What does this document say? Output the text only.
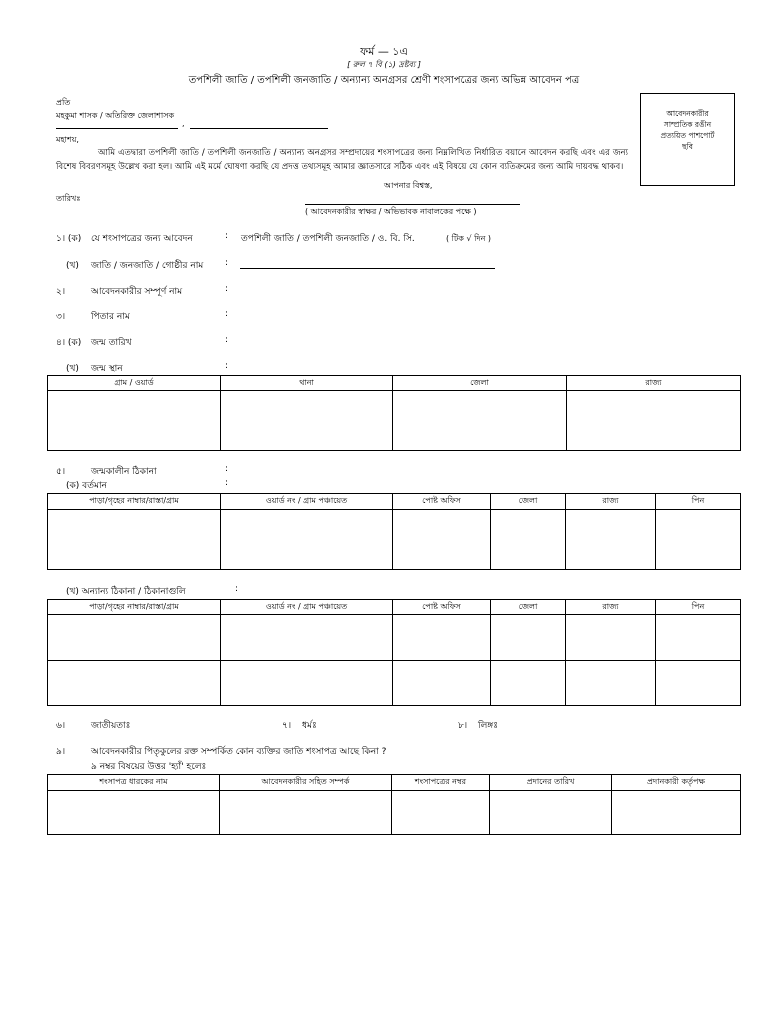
ফর্ম — ১এ
[ রুল ৭ বি (১) দ্রষ্টব্য ]
তপশিলী জাতি / তপশিলী জনজাতি / অন্যান্য অনগ্রসর শ্রেণী শংসাপত্রের জন্য অভিন্ন আবেদন পত্র
প্রতি
মহকুমা শাসক / অতিরিক্ত জেলাশাসক
,
আবেদনকারীর
সাম্প্রতিক রঙীন
প্রত্যয়িত পাশপোর্ট
ছবি
মহাশয়,
আমি এতদ্বারা তপশিলী জাতি / তপশিলী জনজাতি / অন্যান্য অনগ্রসর সম্প্রদায়ের শংসাপত্রের জন্য নিম্নলিখিত নির্ধারিত বয়ানে আবেদন করছি এবং এর জন্য বিশেষ বিবরণসমূহ উল্লেখ করা হল। আমি এই মর্মে ঘোষণা করছি যে প্রদত্ত তথ্যসমূহ আমার জ্ঞাতসারে সঠিক এবং এই বিষয়ে যে কোন ব্যতিক্রমের জন্য আমি দায়বদ্ধ থাকব।
আপনার বিশ্বস্ত,
তারিখঃ
( আবেদনকারীর স্বাক্ষর / অভিভাবক নাবালকের পক্ষে )
১। (ক) যে শংসাপত্রের জন্য আবেদন	: তপশিলী জাতি / তপশিলী জনজাতি / ও. বি. সি.	( টিক √ দিন )
(খ) জাতি / জনজাতি / গোষ্ঠীর নাম :
২।	আবেদনকারীর সম্পূর্ণ নাম	:
৩।	পিতার নাম	:
৪। (ক) জন্ম তারিখ	:
(খ) জন্ম স্থান	:
গ্রাম / ওয়ার্ড	থানা	জেলা	রাজ্য

৫।	জন্মকালীন ঠিকানা	:
(ক) বর্তমান	:
পাড়া/গৃহের নাম্বার/রাস্তা/গ্রাম	ওয়ার্ড নং / গ্রাম পঞ্চায়েত	পোষ্ট অফিস	জেলা	রাজ্য	পিন

(খ) অন্যান্য ঠিকানা / ঠিকানাগুলি	:
পাড়া/গৃহের নাম্বার/রাস্তা/গ্রাম	ওয়ার্ড নং / গ্রাম পঞ্চায়েত	পোষ্ট অফিস	জেলা	রাজ্য	পিন

৬।	জাতীয়তাঃ	৭। ধর্মঃ	৮। লিঙ্গঃ
৯।	আবেদনকারীর পিতৃকুলের রক্ত সম্পর্কিত কোন ব্যক্তির জাতি শংসাপত্র আছে কিনা ?
৯ নম্বর বিষয়ের উত্তর 'হ্যাঁ' হলেঃ
শংসাপত্র ধারকের নাম	আবেদনকারীর সহিত সম্পর্ক	শংসাপত্রের নম্বর	প্রদানের তারিখ	প্রদানকারী কর্তৃপক্ষ
